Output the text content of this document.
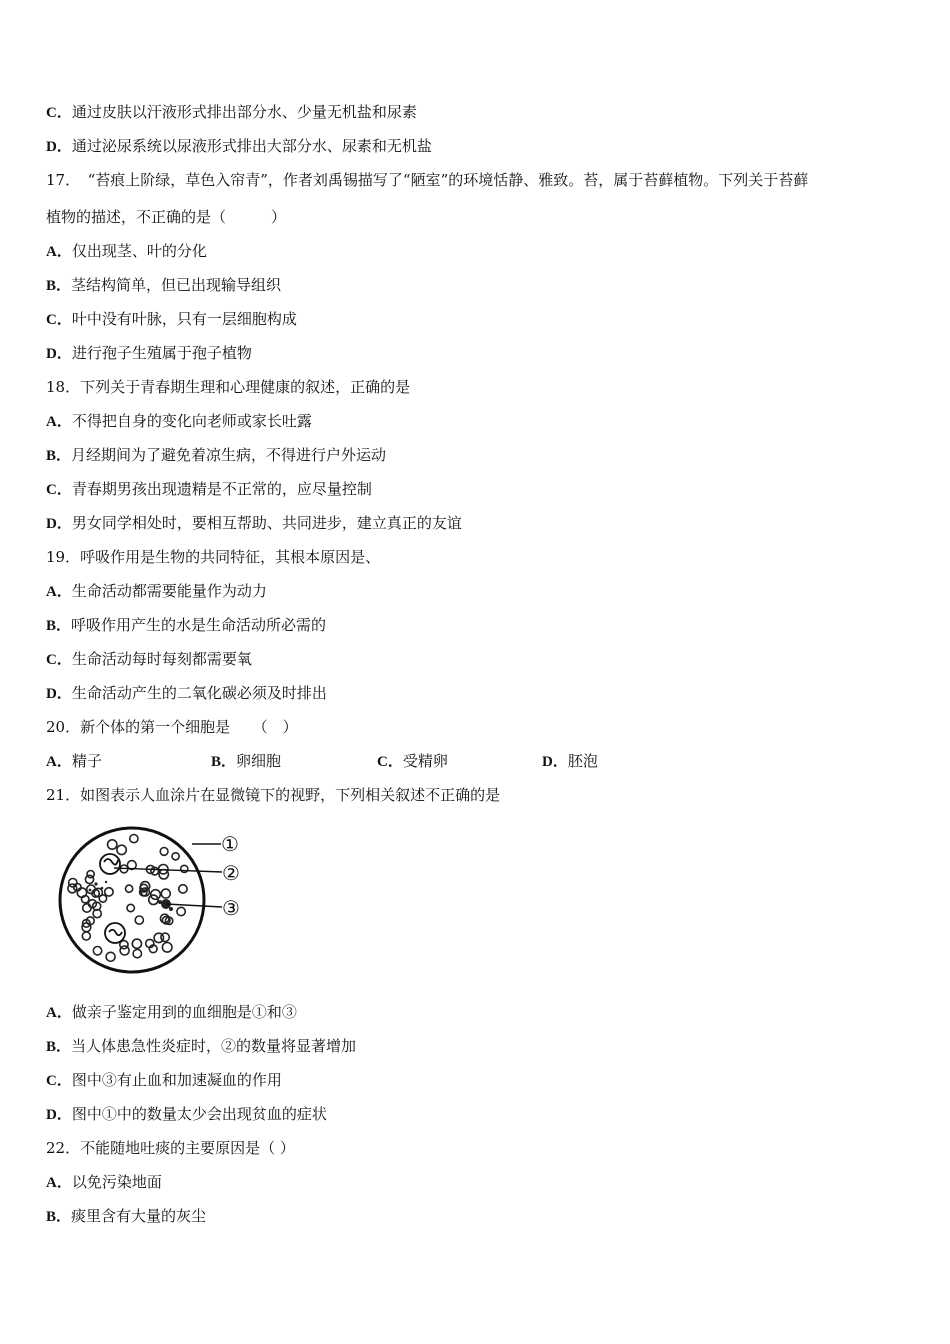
C．通过皮肤以汗液形式排出部分水、少量无机盐和尿素
D．通过泌尿系统以尿液形式排出大部分水、尿素和无机盐
17．　“苔痕上阶绿，草色入帘青”，作者刘禹锡描写了“陋室”的环境恬静、雅致。苔，属于苔藓植物。下列关于苔藓
植物的描述，不正确的是（　　　）
A．仅出现茎、叶的分化
B．茎结构简单，但已出现输导组织
C．叶中没有叶脉，只有一层细胞构成
D．进行孢子生殖属于孢子植物
18．下列关于青春期生理和心理健康的叙述，正确的是
A．不得把自身的变化向老师或家长吐露
B．月经期间为了避免着凉生病，不得进行户外运动
C．青春期男孩出现遗精是不正常的，应尽量控制
D．男女同学相处时，要相互帮助、共同进步，建立真正的友谊
19．呼吸作用是生物的共同特征，其根本原因是、
A．生命活动都需要能量作为动力
B．呼吸作用产生的水是生命活动所必需的
C．生命活动每时每刻都需要氧
D．生命活动产生的二氧化碳必须及时排出
20．新个体的第一个细胞是　　（　）
A．精子	B．卵细胞	C．受精卵	D．胚泡
21．如图表示人血涂片在显微镜下的视野，下列相关叙述不正确的是
①
②
③
A．做亲子鉴定用到的血细胞是①和③
B．当人体患急性炎症时，②的数量将显著增加
C．图中③有止血和加速凝血的作用
D．图中①中的数量太少会出现贫血的症状
22．不能随地吐痰的主要原因是（ ）
A．以免污染地面
B．痰里含有大量的灰尘
